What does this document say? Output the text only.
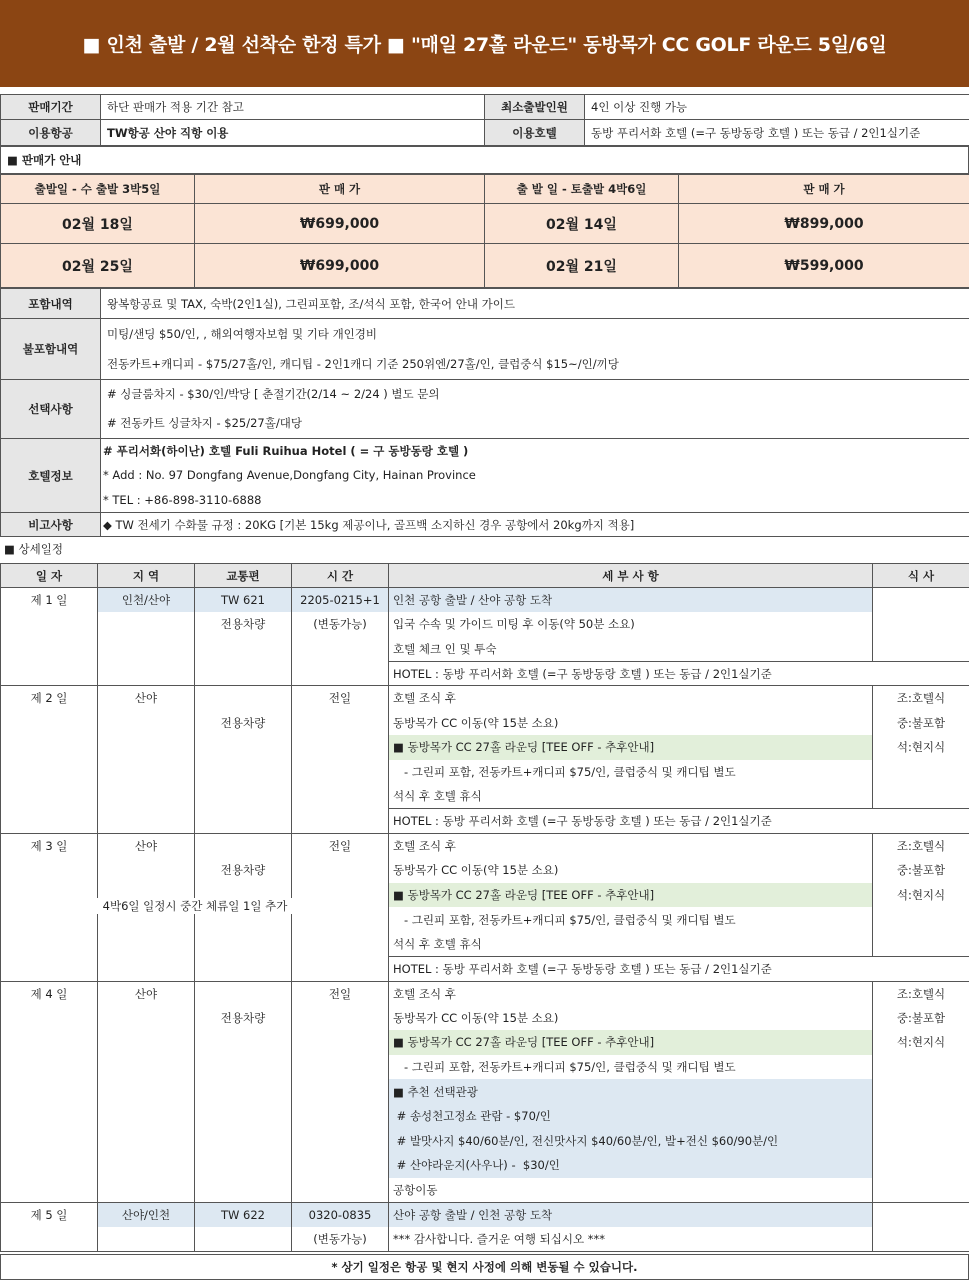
■ 인천 출발 / 2월 선착순 한정 특가 ■ "매일 27홀 라운드" 동방목가 CC GOLF 라운드 5일/6일
판매기간	하단 판매가 적용 기간 참고	최소출발인원	4인 이상 진행 가능
이용항공	TW항공 산야 직항 이용	이용호텔	동방 푸리서화 호텔 (=구 동방동랑 호텔 ) 또는 동급 / 2인1실기준
■ 판매가 안내
출발일 - 수 출발 3박5일	판 매 가	출 발 일 - 토출발 4박6일	판 매 가
02월 18일	₩699,000	02월 14일	₩899,000
02월 25일	₩699,000	02월 21일	₩599,000
포함내역	왕복항공료 및 TAX, 숙박(2인1실), 그린피포함, 조/석식 포함, 한국어 안내 가이드
불포함내역	미팅/샌딩 $50/인, , 해외여행자보험 및 기타 개인경비
전동카트+캐디피 - $75/27홀/인, 캐디팁 - 2인1캐디 기준 250위엔/27홀/인, 클럽중식 $15~/인/끼당

선택사항	# 싱글룸차지 - $30/인/박당 [ 춘절기간(2/14 ~ 2/24 ) 별도 문의
# 전동카트 싱글차지 - $25/27홀/대당

호텔정보	# 푸리서화(하이난) 호텔 Fuli Ruihua Hotel ( = 구 동방동랑 호텔 )
* Add : No. 97 Dongfang Avenue,Dongfang City, Hainan Province
* TEL : +86-898-3110-6888

비고사항	◆ TW 전세기 수화물 규정 : 20KG [기본 15kg 제공이나, 골프백 소지하신 경우 공항에서 20kg까지 적용]
■ 상세일정
일 자	지 역	교통편	시 간	세 부 사 항	식 사
제 1 일	인천/산야	TW 621	2205-0215+1	인천 공항 출발 / 산야 공항 도착	
		전용차량	(변동가능)	입국 수속 및 가이드 미팅 후 이동(약 50분 소요)	
				호텔 체크 인 및 투숙	
				HOTEL : 동방 푸리서화 호텔 (=구 동방동랑 호텔 ) 또는 동급 / 2인1실기준	
제 2 일	산야		전일	호텔 조식 후	조:호텔식
		전용차량		동방목가 CC 이동(약 15분 소요)	중:불포함
				■ 동방목가 CC 27홀 라운딩 [TEE OFF - 추후안내]	석:현지식
				- 그린피 포함, 전동카트+캐디피 $75/인, 클럽중식 및 캐디팁 별도	
				석식 후 호텔 휴식	
				HOTEL : 동방 푸리서화 호텔 (=구 동방동랑 호텔 ) 또는 동급 / 2인1실기준	
제 3 일	산야		전일	호텔 조식 후	조:호텔식
		전용차량		동방목가 CC 이동(약 15분 소요)	중:불포함
				■ 동방목가 CC 27홀 라운딩 [TEE OFF - 추후안내]	석:현지식
				- 그린피 포함, 전동카트+캐디피 $75/인, 클럽중식 및 캐디팁 별도	
				석식 후 호텔 휴식	
				HOTEL : 동방 푸리서화 호텔 (=구 동방동랑 호텔 ) 또는 동급 / 2인1실기준	
제 4 일	산야		전일	호텔 조식 후	조:호텔식
		전용차량		동방목가 CC 이동(약 15분 소요)	중:불포함
				■ 동방목가 CC 27홀 라운딩 [TEE OFF - 추후안내]	석:현지식
				- 그린피 포함, 전동카트+캐디피 $75/인, 클럽중식 및 캐디팁 별도	
				■ 추천 선택관광	
				# 송성천고정쇼 관람 - $70/인	
				# 발맛사지 $40/60분/인, 전신맛사지 $40/60분/인, 발+전신 $60/90분/인	
				# 산야라운지(사우나) -  $30/인	
				공항이동	
제 5 일	산야/인천	TW 622	0320-0835	산야 공항 출발 / 인천 공항 도착	
			(변동가능)	*** 감사합니다. 즐거운 여행 되십시오 ***	
4박6일 일정시 중간 체류일 1일 추가
* 상기 일정은 항공 및 현지 사정에 의해 변동될 수 있습니다.
